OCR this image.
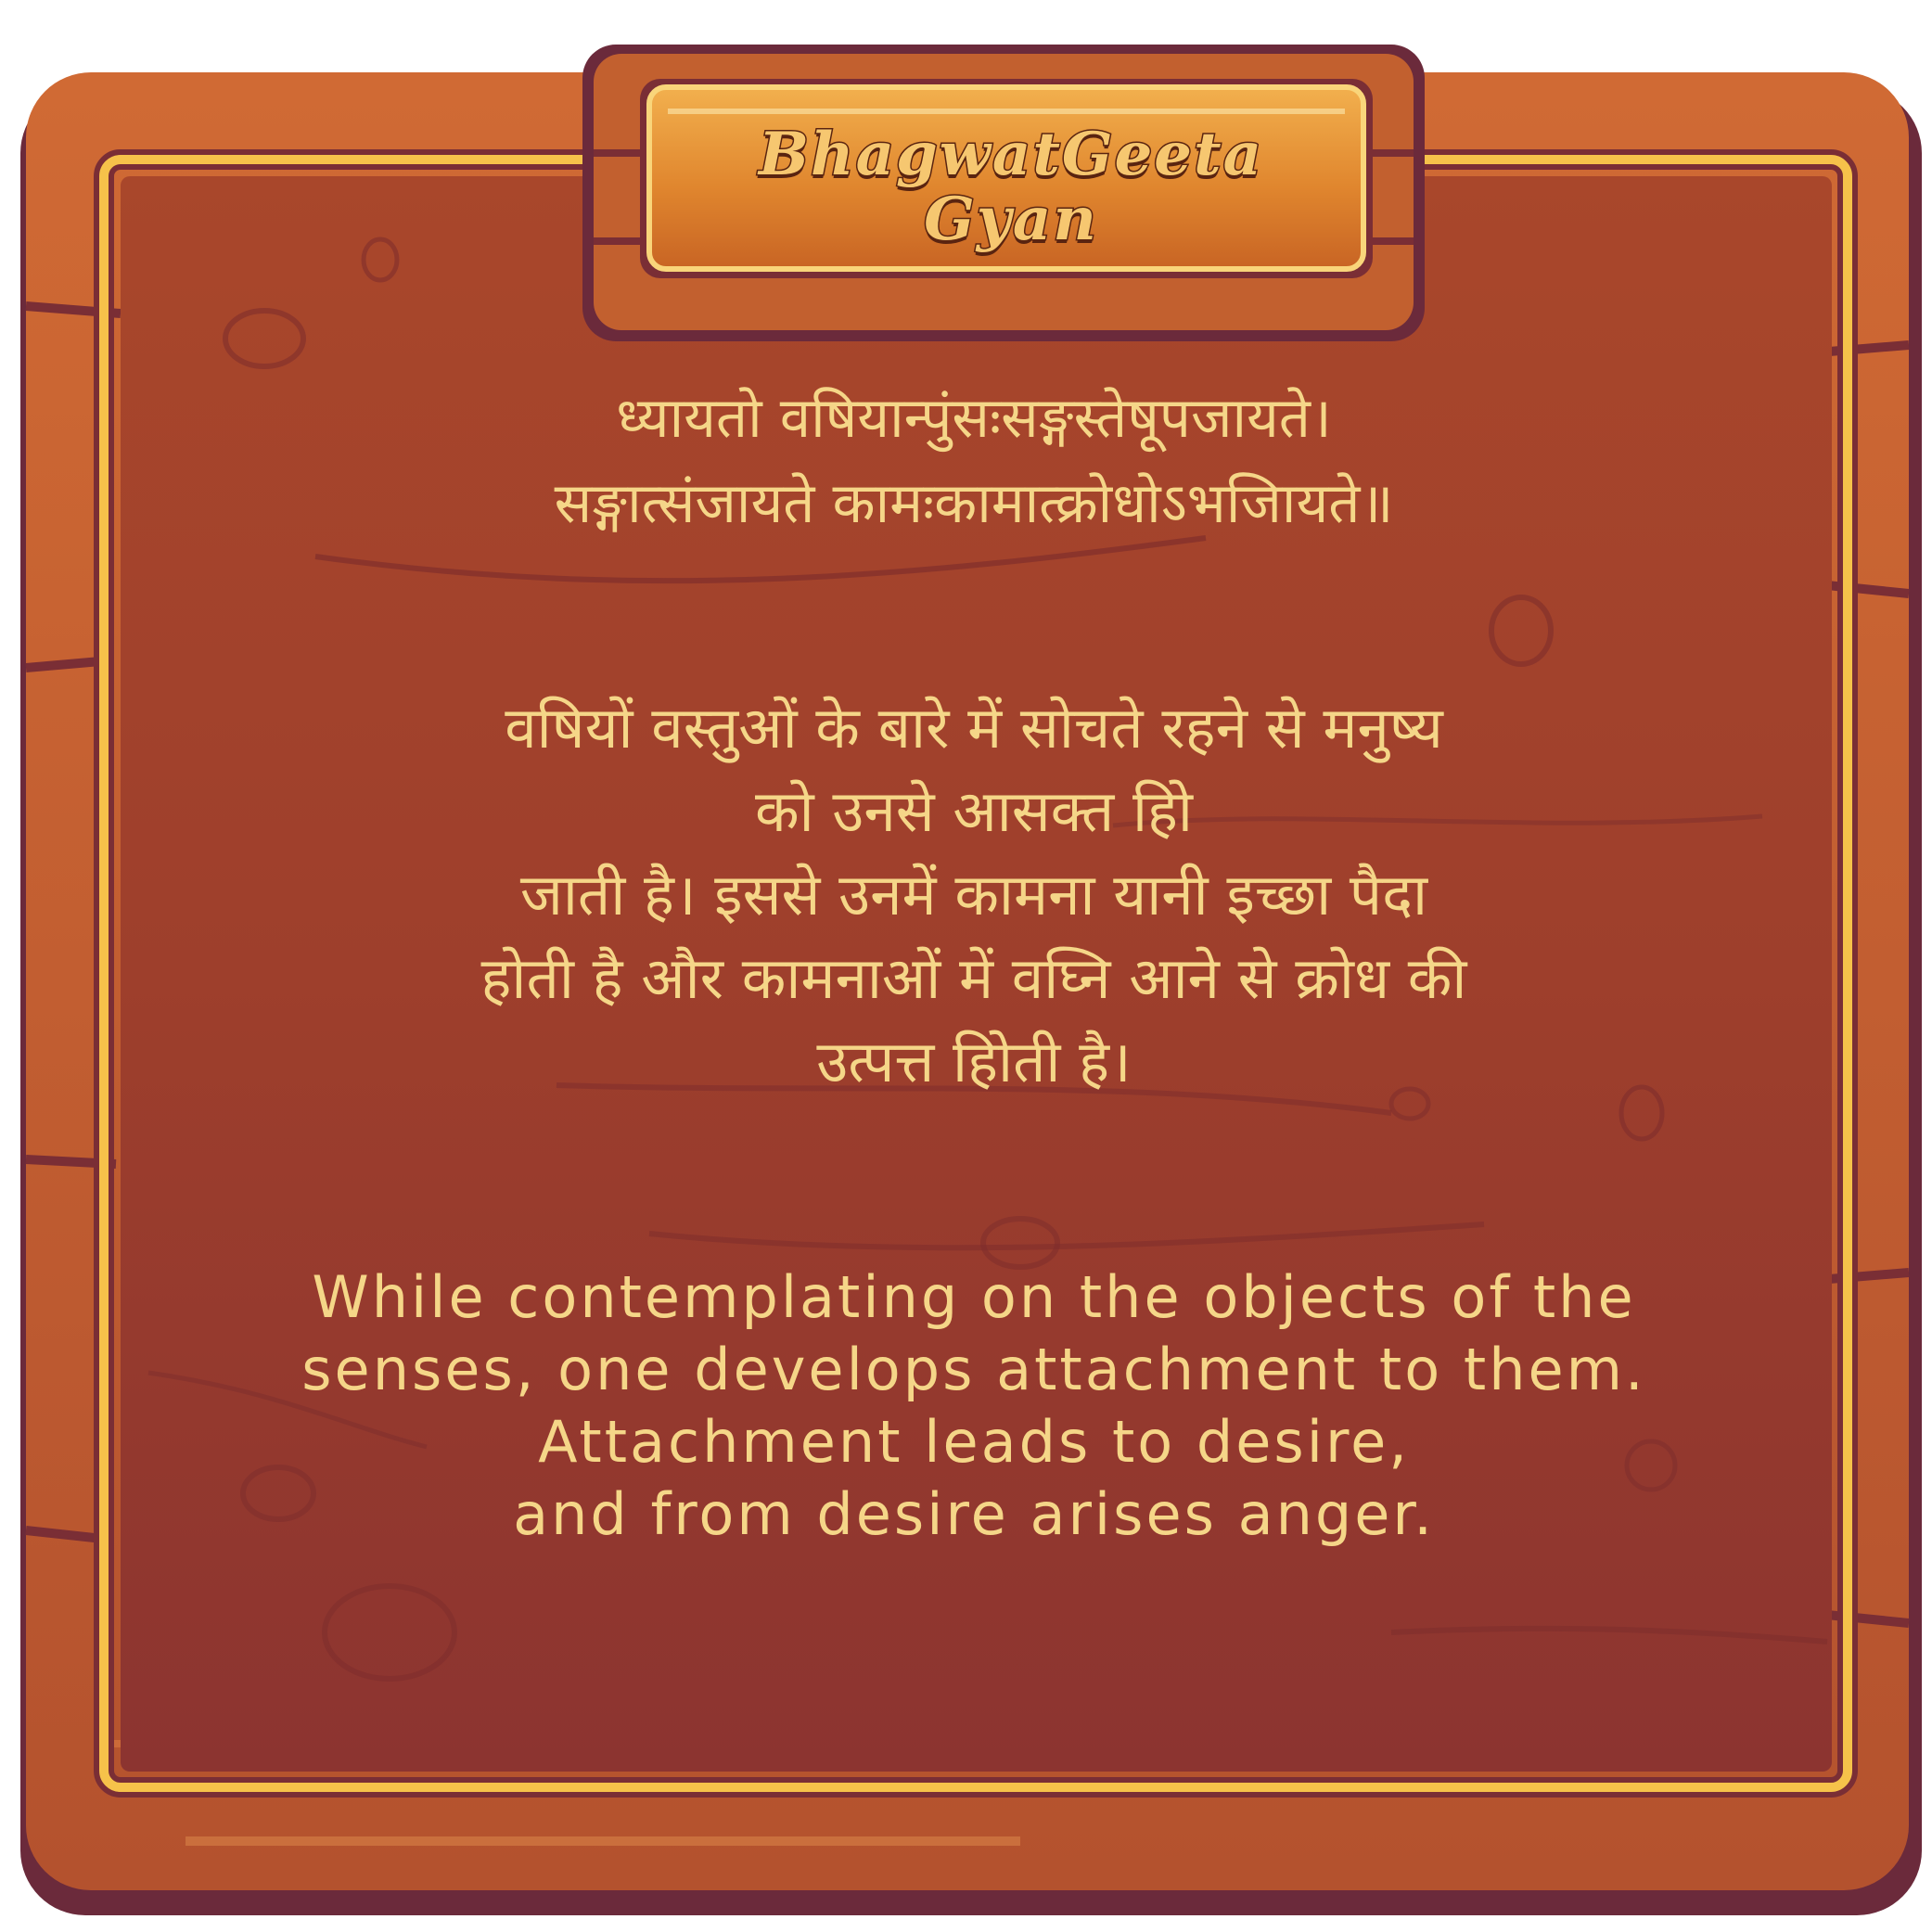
BhagwatGeeta
Gyan
ध्यायतो वषियान्पुंसःसङ्गस्तेषूपजायते।
सङ्गात्संजायते कामःकामात्क्रोधोऽभजिायते॥
वषियों वस्तुओं के बारे में सोचते रहने से मनुष्य
को उनसे आसक्त हिो
जाती है। इससे उनमें कामना यानी इच्छा पैदा
होती है और कामनाओं में वघ्नि आने से क्रोध की
उत्पत्त हिोती है।
While contemplating on the objects of the
senses, one develops attachment to them.
Attachment leads to desire,
and from desire arises anger.
